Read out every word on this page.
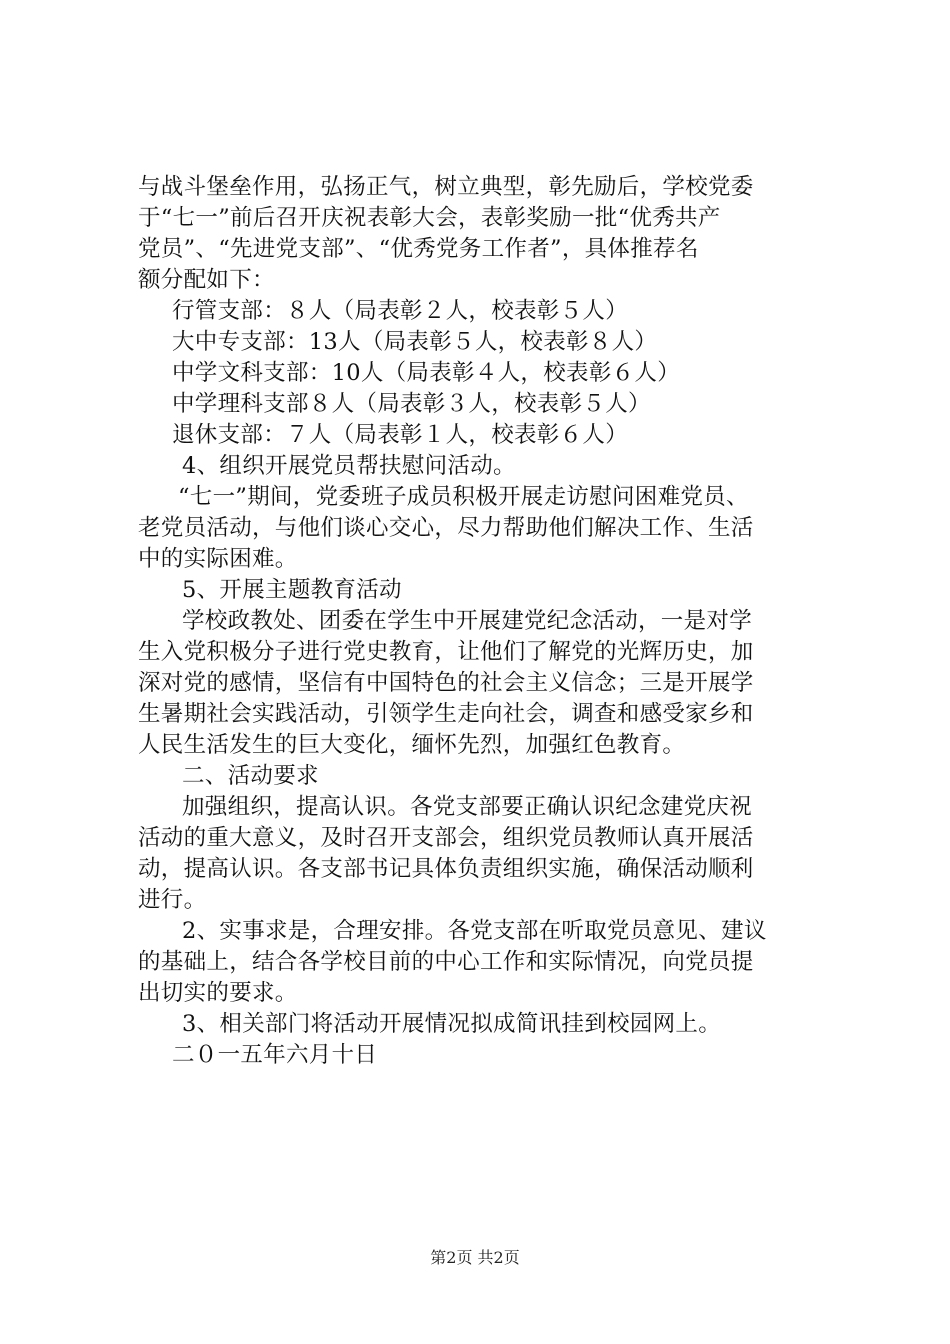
与战斗堡垒作用，弘扬正气，树立典型，彰先励后，学校党委
于“七一”前后召开庆祝表彰大会，表彰奖励一批“优秀共产
党员”、“先进党支部”、“优秀党务工作者”，具体推荐名
额分配如下：
行管支部：８人（局表彰２人，校表彰５人）
大中专支部：13人（局表彰５人，校表彰８人）
中学文科支部：10人（局表彰４人，校表彰６人）
中学理科支部８人（局表彰３人，校表彰５人）
退休支部：７人（局表彰１人，校表彰６人）
4、组织开展党员帮扶慰问活动。
“七一”期间，党委班子成员积极开展走访慰问困难党员、
老党员活动，与他们谈心交心，尽力帮助他们解决工作、生活
中的实际困难。
5、开展主题教育活动
学校政教处、团委在学生中开展建党纪念活动，一是对学
生入党积极分子进行党史教育，让他们了解党的光辉历史，加
深对党的感情，坚信有中国特色的社会主义信念；三是开展学
生暑期社会实践活动，引领学生走向社会，调查和感受家乡和
人民生活发生的巨大变化，缅怀先烈，加强红色教育。
二、活动要求
加强组织，提高认识。各党支部要正确认识纪念建党庆祝
活动的重大意义，及时召开支部会，组织党员教师认真开展活
动，提高认识。各支部书记具体负责组织实施，确保活动顺利
进行。
2、实事求是，合理安排。各党支部在听取党员意见、建议
的基础上，结合各学校目前的中心工作和实际情况，向党员提
出切实的要求。
3、相关部门将活动开展情况拟成简讯挂到校园网上。
二０一五年六月十日
第2页 共2页
